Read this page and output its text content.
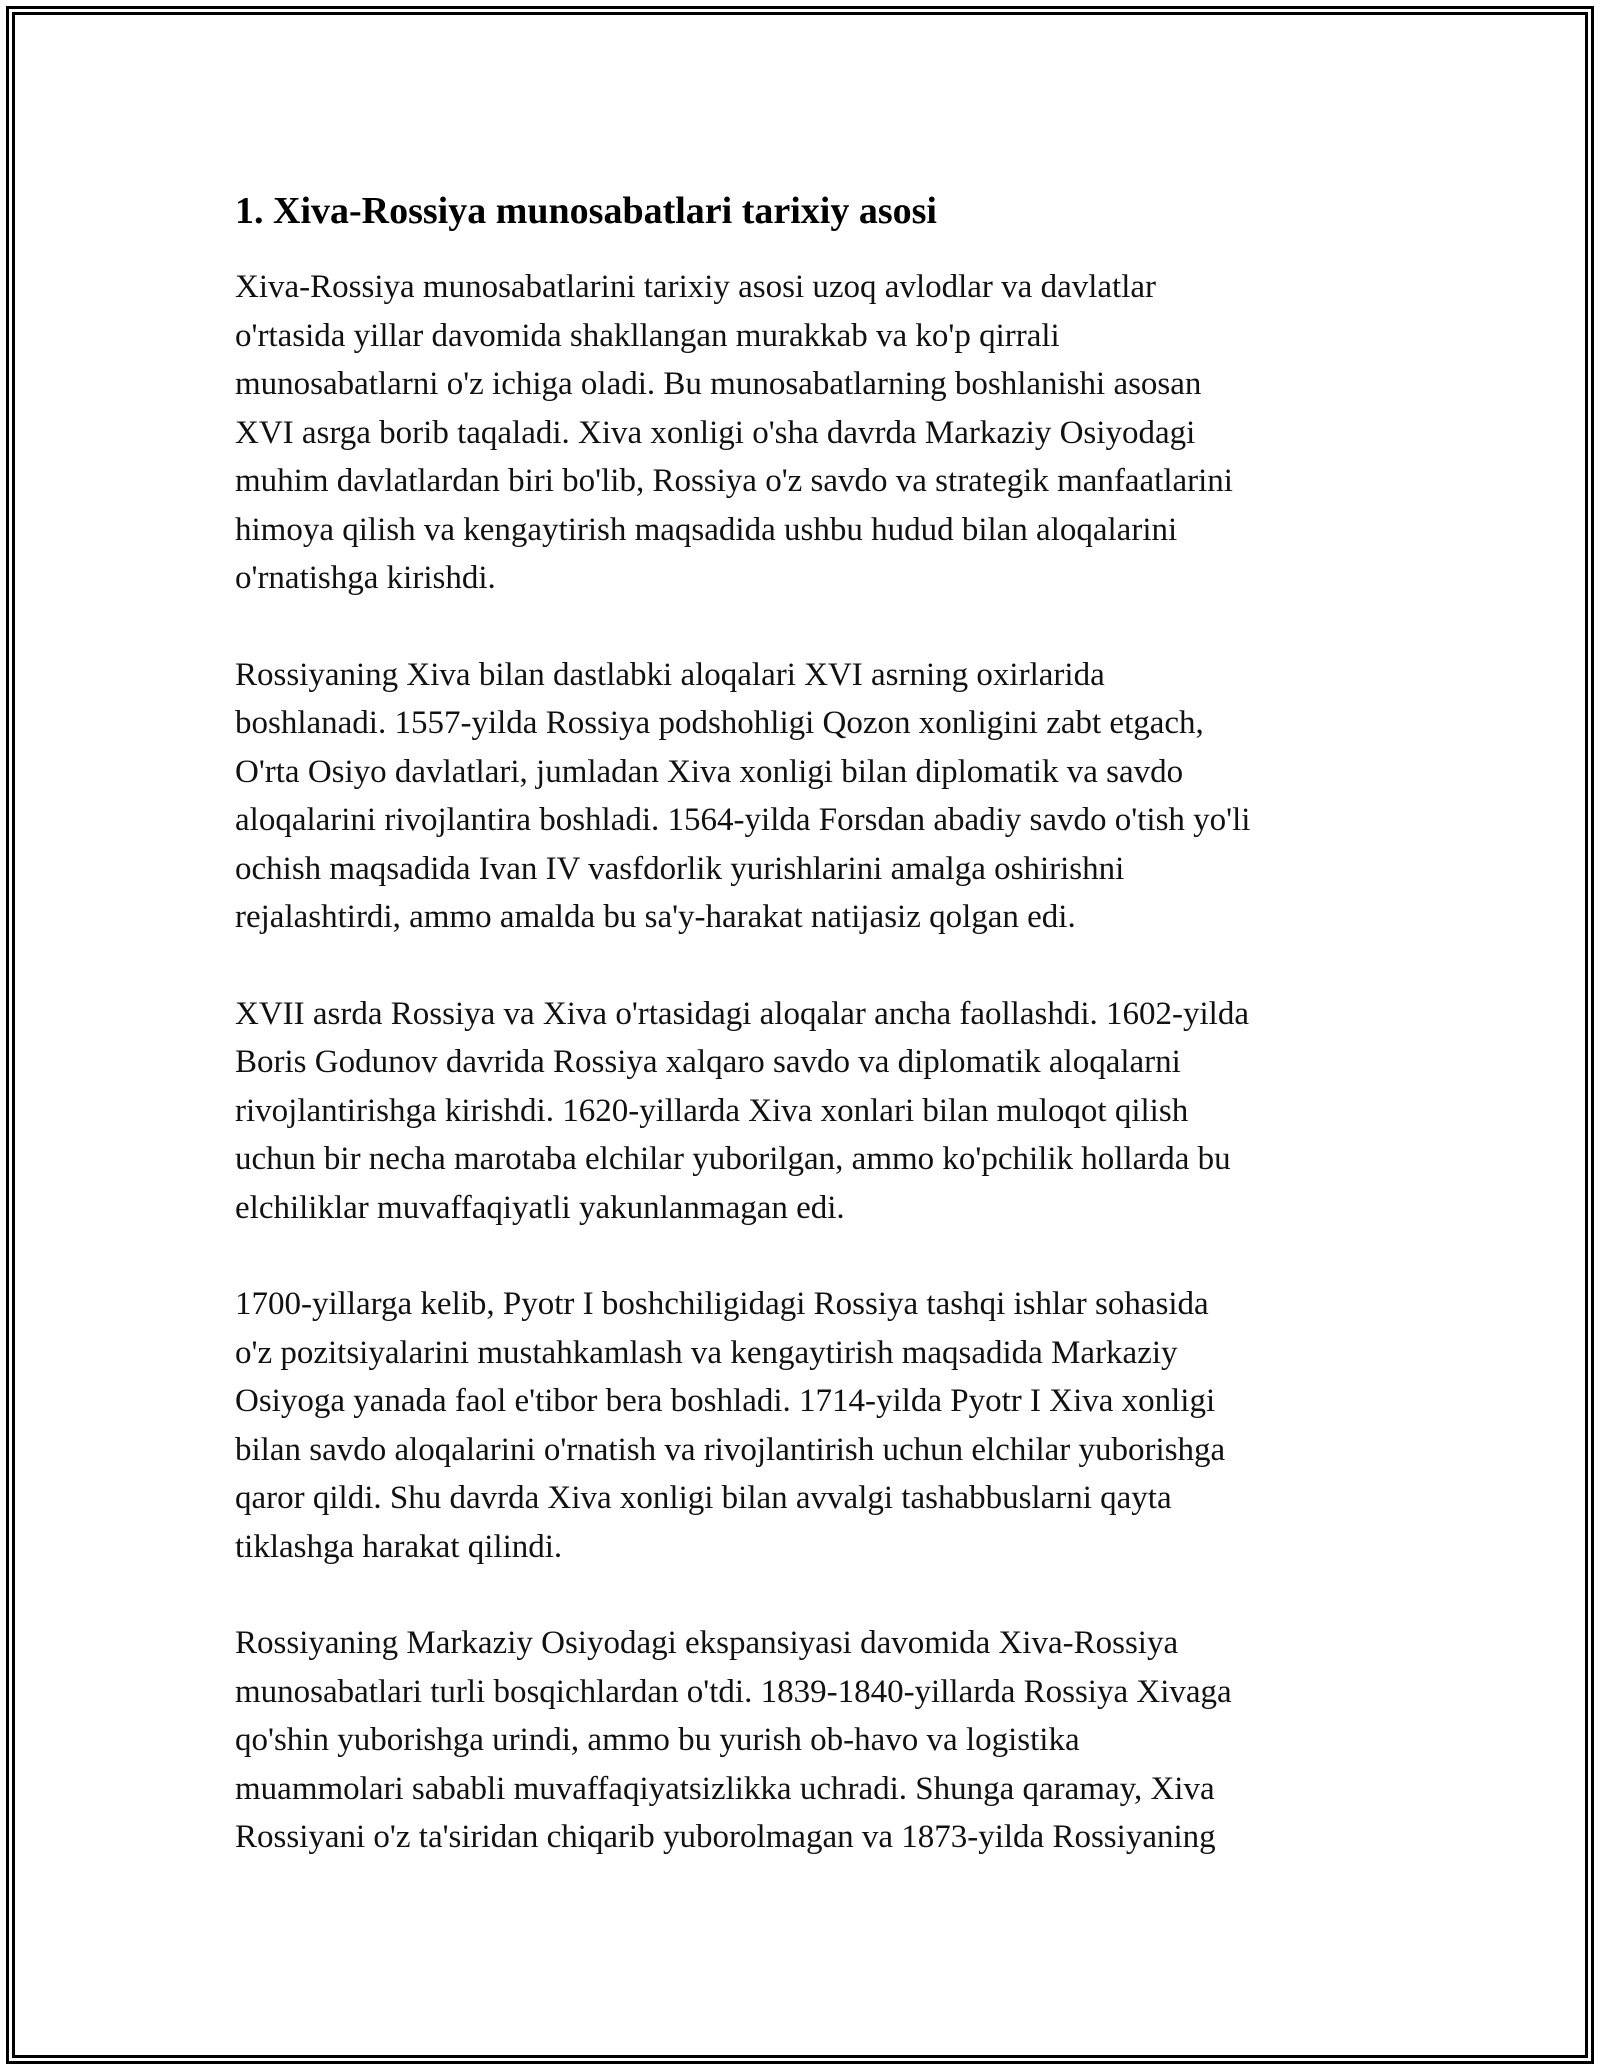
1. Xiva-Rossiya munosabatlari tarixiy asosi

Xiva-Rossiya munosabatlarini tarixiy asosi uzoq avlodlar va davlatlar
o'rtasida yillar davomida shakllangan murakkab va ko'p qirrali
munosabatlarni o'z ichiga oladi. Bu munosabatlarning boshlanishi asosan
XVI asrga borib taqaladi. Xiva xonligi o'sha davrda Markaziy Osiyodagi
muhim davlatlardan biri bo'lib, Rossiya o'z savdo va strategik manfaatlarini
himoya qilish va kengaytirish maqsadida ushbu hudud bilan aloqalarini
o'rnatishga kirishdi.

Rossiyaning Xiva bilan dastlabki aloqalari XVI asrning oxirlarida
boshlanadi. 1557-yilda Rossiya podshohligi Qozon xonligini zabt etgach,
O'rta Osiyo davlatlari, jumladan Xiva xonligi bilan diplomatik va savdo
aloqalarini rivojlantira boshladi. 1564-yilda Forsdan abadiy savdo o'tish yo'li
ochish maqsadida Ivan IV vasfdorlik yurishlarini amalga oshirishni
rejalashtirdi, ammo amalda bu sa'y-harakat natijasiz qolgan edi.

XVII asrda Rossiya va Xiva o'rtasidagi aloqalar ancha faollashdi. 1602-yilda
Boris Godunov davrida Rossiya xalqaro savdo va diplomatik aloqalarni
rivojlantirishga kirishdi. 1620-yillarda Xiva xonlari bilan muloqot qilish
uchun bir necha marotaba elchilar yuborilgan, ammo ko'pchilik hollarda bu
elchiliklar muvaffaqiyatli yakunlanmagan edi.

1700-yillarga kelib, Pyotr I boshchiligidagi Rossiya tashqi ishlar sohasida
o'z pozitsiyalarini mustahkamlash va kengaytirish maqsadida Markaziy
Osiyoga yanada faol e'tibor bera boshladi. 1714-yilda Pyotr I Xiva xonligi
bilan savdo aloqalarini o'rnatish va rivojlantirish uchun elchilar yuborishga
qaror qildi. Shu davrda Xiva xonligi bilan avvalgi tashabbuslarni qayta
tiklashga harakat qilindi.

Rossiyaning Markaziy Osiyodagi ekspansiyasi davomida Xiva-Rossiya
munosabatlari turli bosqichlardan o'tdi. 1839-1840-yillarda Rossiya Xivaga
qo'shin yuborishga urindi, ammo bu yurish ob-havo va logistika
muammolari sababli muvaffaqiyatsizlikka uchradi. Shunga qaramay, Xiva
Rossiyani o'z ta'siridan chiqarib yuborolmagan va 1873-yilda Rossiyaning
